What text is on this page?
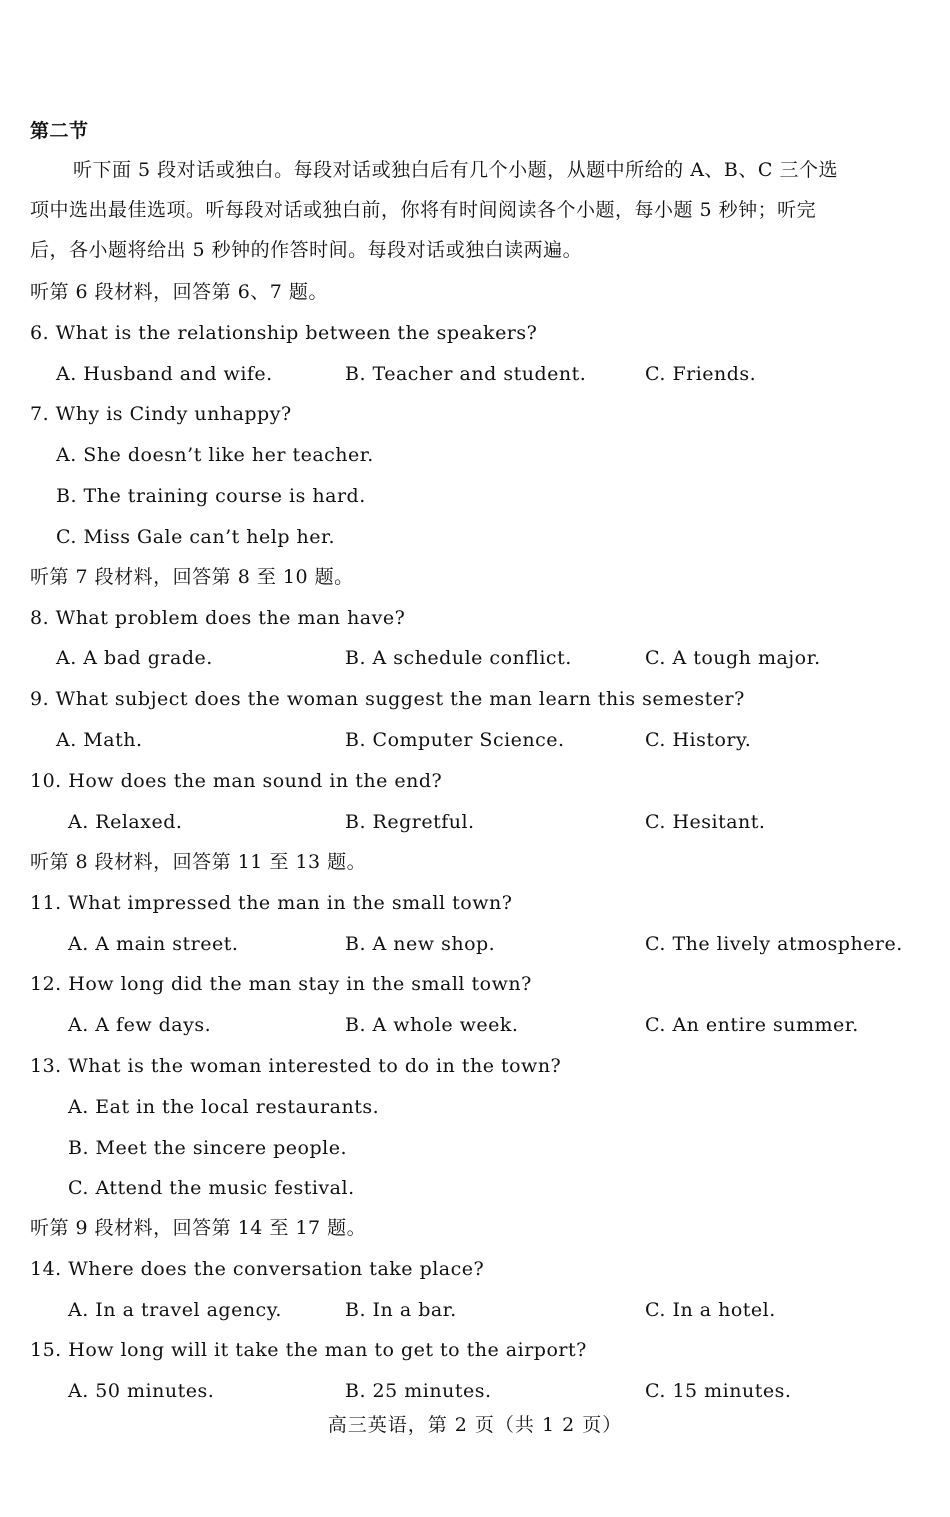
第二节
听下面 5 段对话或独白。每段对话或独白后有几个小题，从题中所给的 A、B、C 三个选
项中选出最佳选项。听每段对话或独白前，你将有时间阅读各个小题，每小题 5 秒钟；听完
后，各小题将给出 5 秒钟的作答时间。每段对话或独白读两遍。
听第 6 段材料，回答第 6、7 题。
6. What is the relationship between the speakers?
A. Husband and wife.	B. Teacher and student.	C. Friends.
7. Why is Cindy unhappy?
A. She doesn’t like her teacher.
B. The training course is hard.
C. Miss Gale can’t help her.
听第 7 段材料，回答第 8 至 10 题。
8. What problem does the man have?
A. A bad grade.	B. A schedule conflict.	C. A tough major.
9. What subject does the woman suggest the man learn this semester?
A. Math.	B. Computer Science.	C. History.
10. How does the man sound in the end?
A. Relaxed.	B. Regretful.	C. Hesitant.
听第 8 段材料，回答第 11 至 13 题。
11. What impressed the man in the small town?
A. A main street.	B. A new shop.	C. The lively atmosphere.
12. How long did the man stay in the small town?
A. A few days.	B. A whole week.	C. An entire summer.
13. What is the woman interested to do in the town?
A. Eat in the local restaurants.
B. Meet the sincere people.
C. Attend the music festival.
听第 9 段材料，回答第 14 至 17 题。
14. Where does the conversation take place?
A. In a travel agency.	B. In a bar.	C. In a hotel.
15. How long will it take the man to get to the airport?
A. 50 minutes.	B. 25 minutes.	C. 15 minutes.
高三英语，第 2 页（共 1 2 页）
